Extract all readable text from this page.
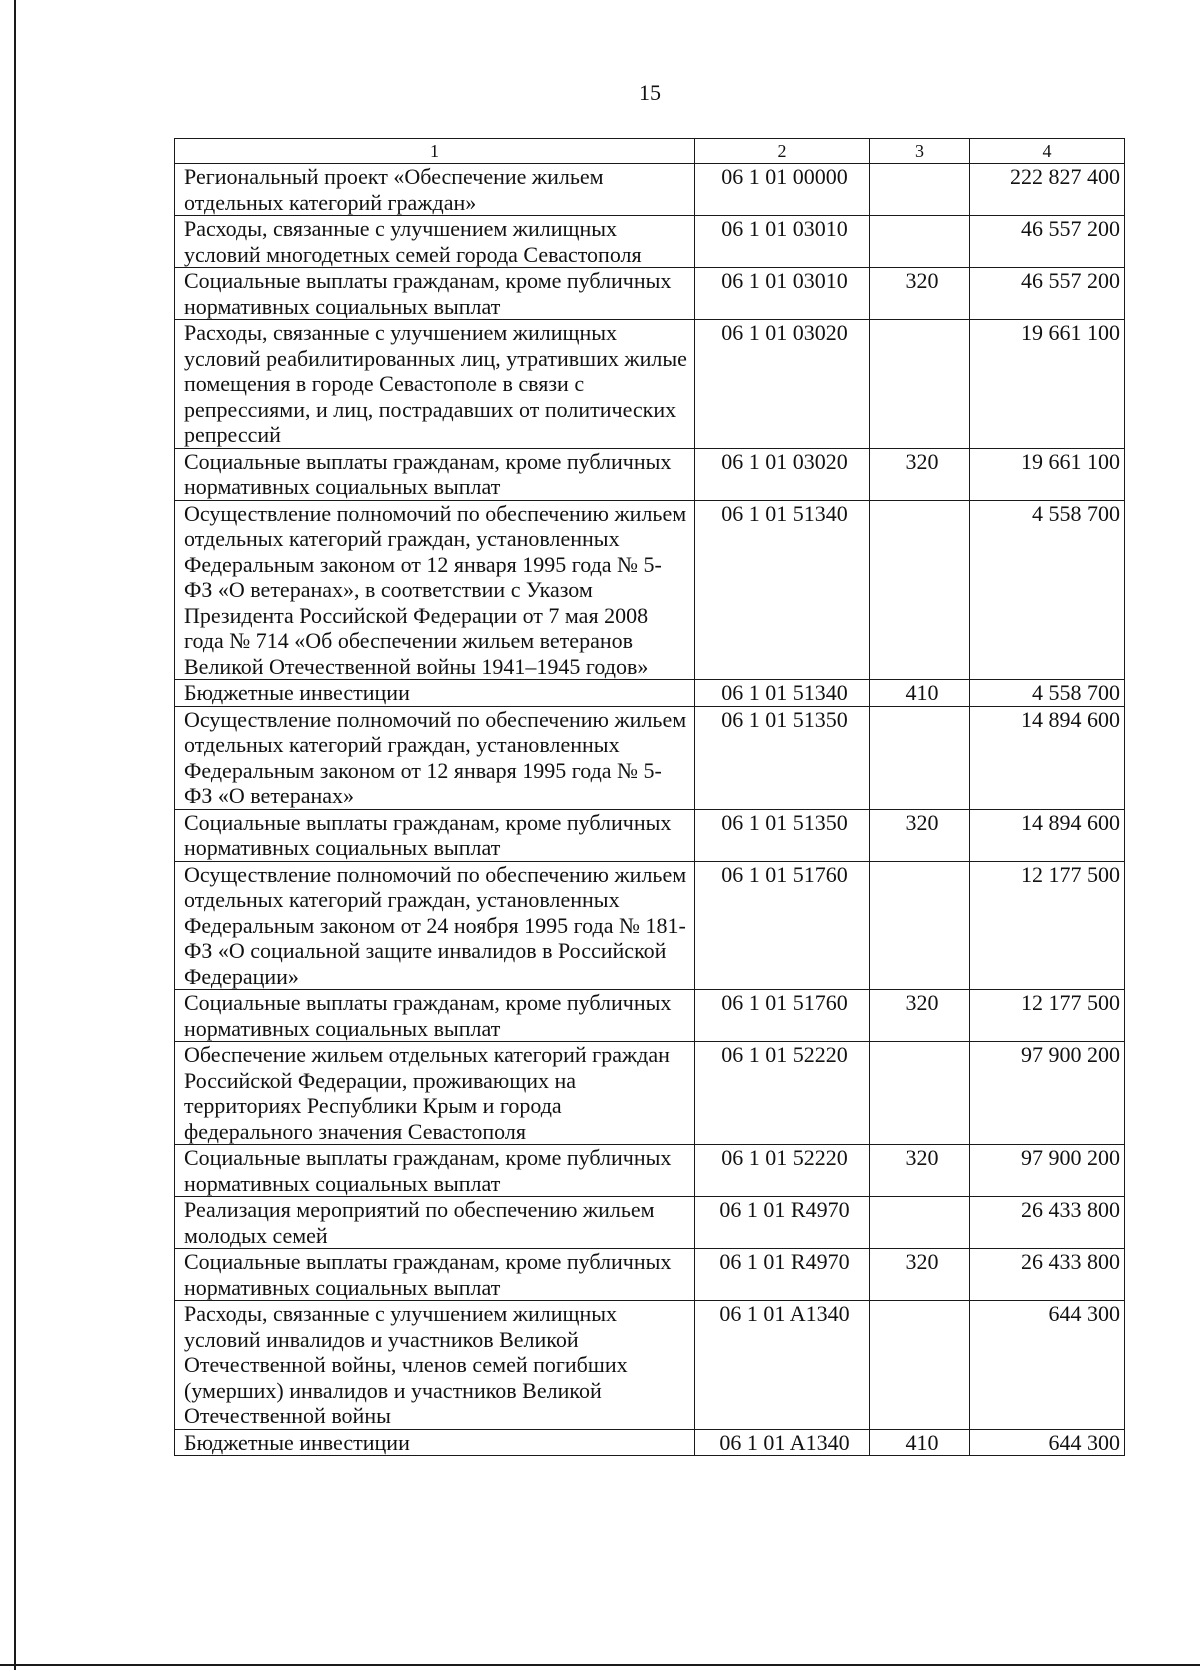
15
1	2	3	4
Региональный проект «Обеспечение жильем отдельных категорий граждан»	06 1 01 00000		222 827 400
Расходы, связанные с улучшением жилищных условий многодетных семей города Севастополя	06 1 01 03010		46 557 200
Социальные выплаты гражданам, кроме публичных нормативных социальных выплат	06 1 01 03010	320	46 557 200
Расходы, связанные с улучшением жилищных условий реабилитированных лиц, утративших жилые помещения в городе Севастополе в связи с репрессиями, и лиц, пострадавших от политических репрессий	06 1 01 03020		19 661 100
Социальные выплаты гражданам, кроме публичных нормативных социальных выплат	06 1 01 03020	320	19 661 100
Осуществление полномочий по обеспечению жильем отдельных категорий граждан, установленных Федеральным законом от 12 января 1995 года № 5-ФЗ «О ветеранах», в соответствии с Указом Президента Российской Федерации от 7 мая 2008 года № 714 «Об обеспечении жильем ветеранов Великой Отечественной войны 1941–1945 годов»	06 1 01 51340		4 558 700
Бюджетные инвестиции	06 1 01 51340	410	4 558 700
Осуществление полномочий по обеспечению жильем отдельных категорий граждан, установленных Федеральным законом от 12 января 1995 года № 5-ФЗ «О ветеранах»	06 1 01 51350		14 894 600
Социальные выплаты гражданам, кроме публичных нормативных социальных выплат	06 1 01 51350	320	14 894 600
Осуществление полномочий по обеспечению жильем отдельных категорий граждан, установленных Федеральным законом от 24 ноября 1995 года № 181-ФЗ «О социальной защите инвалидов в Российской Федерации»	06 1 01 51760		12 177 500
Социальные выплаты гражданам, кроме публичных нормативных социальных выплат	06 1 01 51760	320	12 177 500
Обеспечение жильем отдельных категорий граждан Российской Федерации, проживающих на территориях Республики Крым и города федерального значения Севастополя	06 1 01 52220		97 900 200
Социальные выплаты гражданам, кроме публичных нормативных социальных выплат	06 1 01 52220	320	97 900 200
Реализация мероприятий по обеспечению жильем молодых семей	06 1 01 R4970		26 433 800
Социальные выплаты гражданам, кроме публичных нормативных социальных выплат	06 1 01 R4970	320	26 433 800
Расходы, связанные с улучшением жилищных условий инвалидов и участников Великой Отечественной войны, членов семей погибших (умерших) инвалидов и участников Великой Отечественной войны	06 1 01 A1340		644 300
Бюджетные инвестиции	06 1 01 A1340	410	644 300
